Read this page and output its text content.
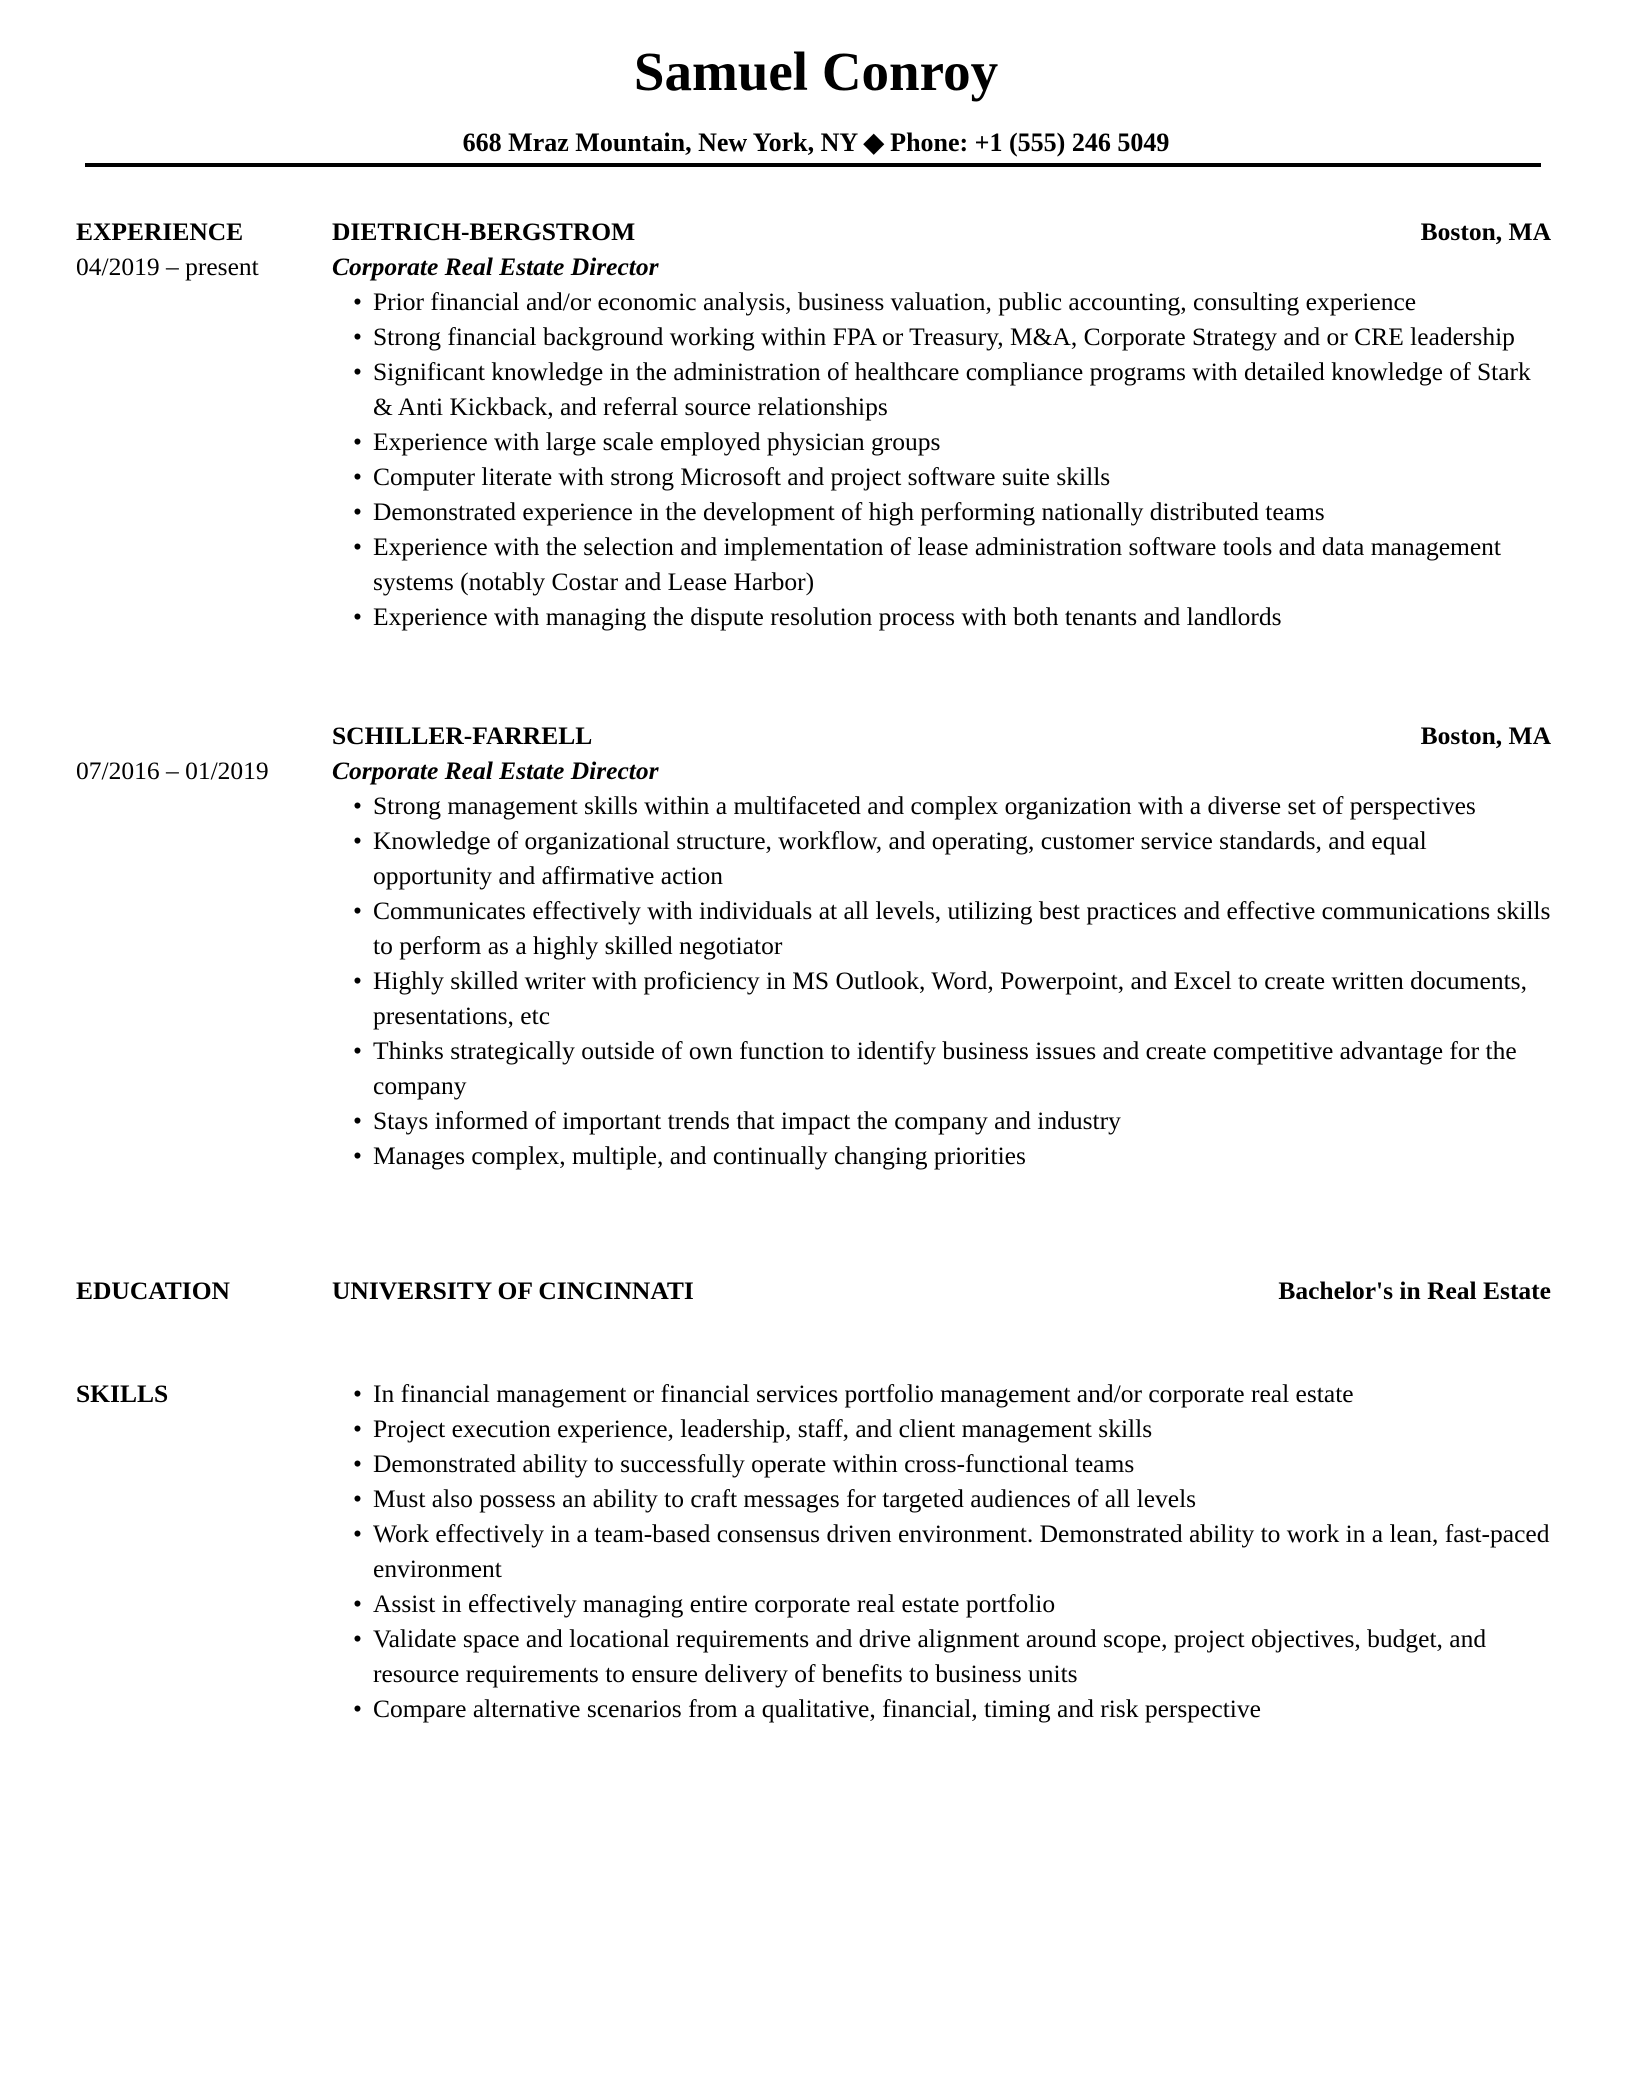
Samuel Conroy
668 Mraz Mountain, New York, NY ◆ Phone: +1 (555) 246 5049
EXPERIENCE
04/2019 – present
DIETRICH-BERGSTROM	Boston, MA
Corporate Real Estate Director
• Prior financial and/or economic analysis, business valuation, public accounting, consulting experience
• Strong financial background working within FPA or Treasury, M&A, Corporate Strategy and or CRE leadership
• Significant knowledge in the administration of healthcare compliance programs with detailed knowledge of Stark & Anti Kickback, and referral source relationships
• Experience with large scale employed physician groups
• Computer literate with strong Microsoft and project software suite skills
• Demonstrated experience in the development of high performing nationally distributed teams
• Experience with the selection and implementation of lease administration software tools and data management systems (notably Costar and Lease Harbor)
• Experience with managing the dispute resolution process with both tenants and landlords
07/2016 – 01/2019
SCHILLER-FARRELL	Boston, MA
Corporate Real Estate Director
• Strong management skills within a multifaceted and complex organization with a diverse set of perspectives
• Knowledge of organizational structure, workflow, and operating, customer service standards, and equal opportunity and affirmative action
• Communicates effectively with individuals at all levels, utilizing best practices and effective communications skills to perform as a highly skilled negotiator
• Highly skilled writer with proficiency in MS Outlook, Word, Powerpoint, and Excel to create written documents, presentations, etc
• Thinks strategically outside of own function to identify business issues and create competitive advantage for the company
• Stays informed of important trends that impact the company and industry
• Manages complex, multiple, and continually changing priorities
EDUCATION	UNIVERSITY OF CINCINNATI	Bachelor's in Real Estate
SKILLS	• In financial management or financial services portfolio management and/or corporate real estate
• Project execution experience, leadership, staff, and client management skills
• Demonstrated ability to successfully operate within cross-functional teams
• Must also possess an ability to craft messages for targeted audiences of all levels
• Work effectively in a team-based consensus driven environment. Demonstrated ability to work in a lean, fast-paced environment
• Assist in effectively managing entire corporate real estate portfolio
• Validate space and locational requirements and drive alignment around scope, project objectives, budget, and resource requirements to ensure delivery of benefits to business units
• Compare alternative scenarios from a qualitative, financial, timing and risk perspective
